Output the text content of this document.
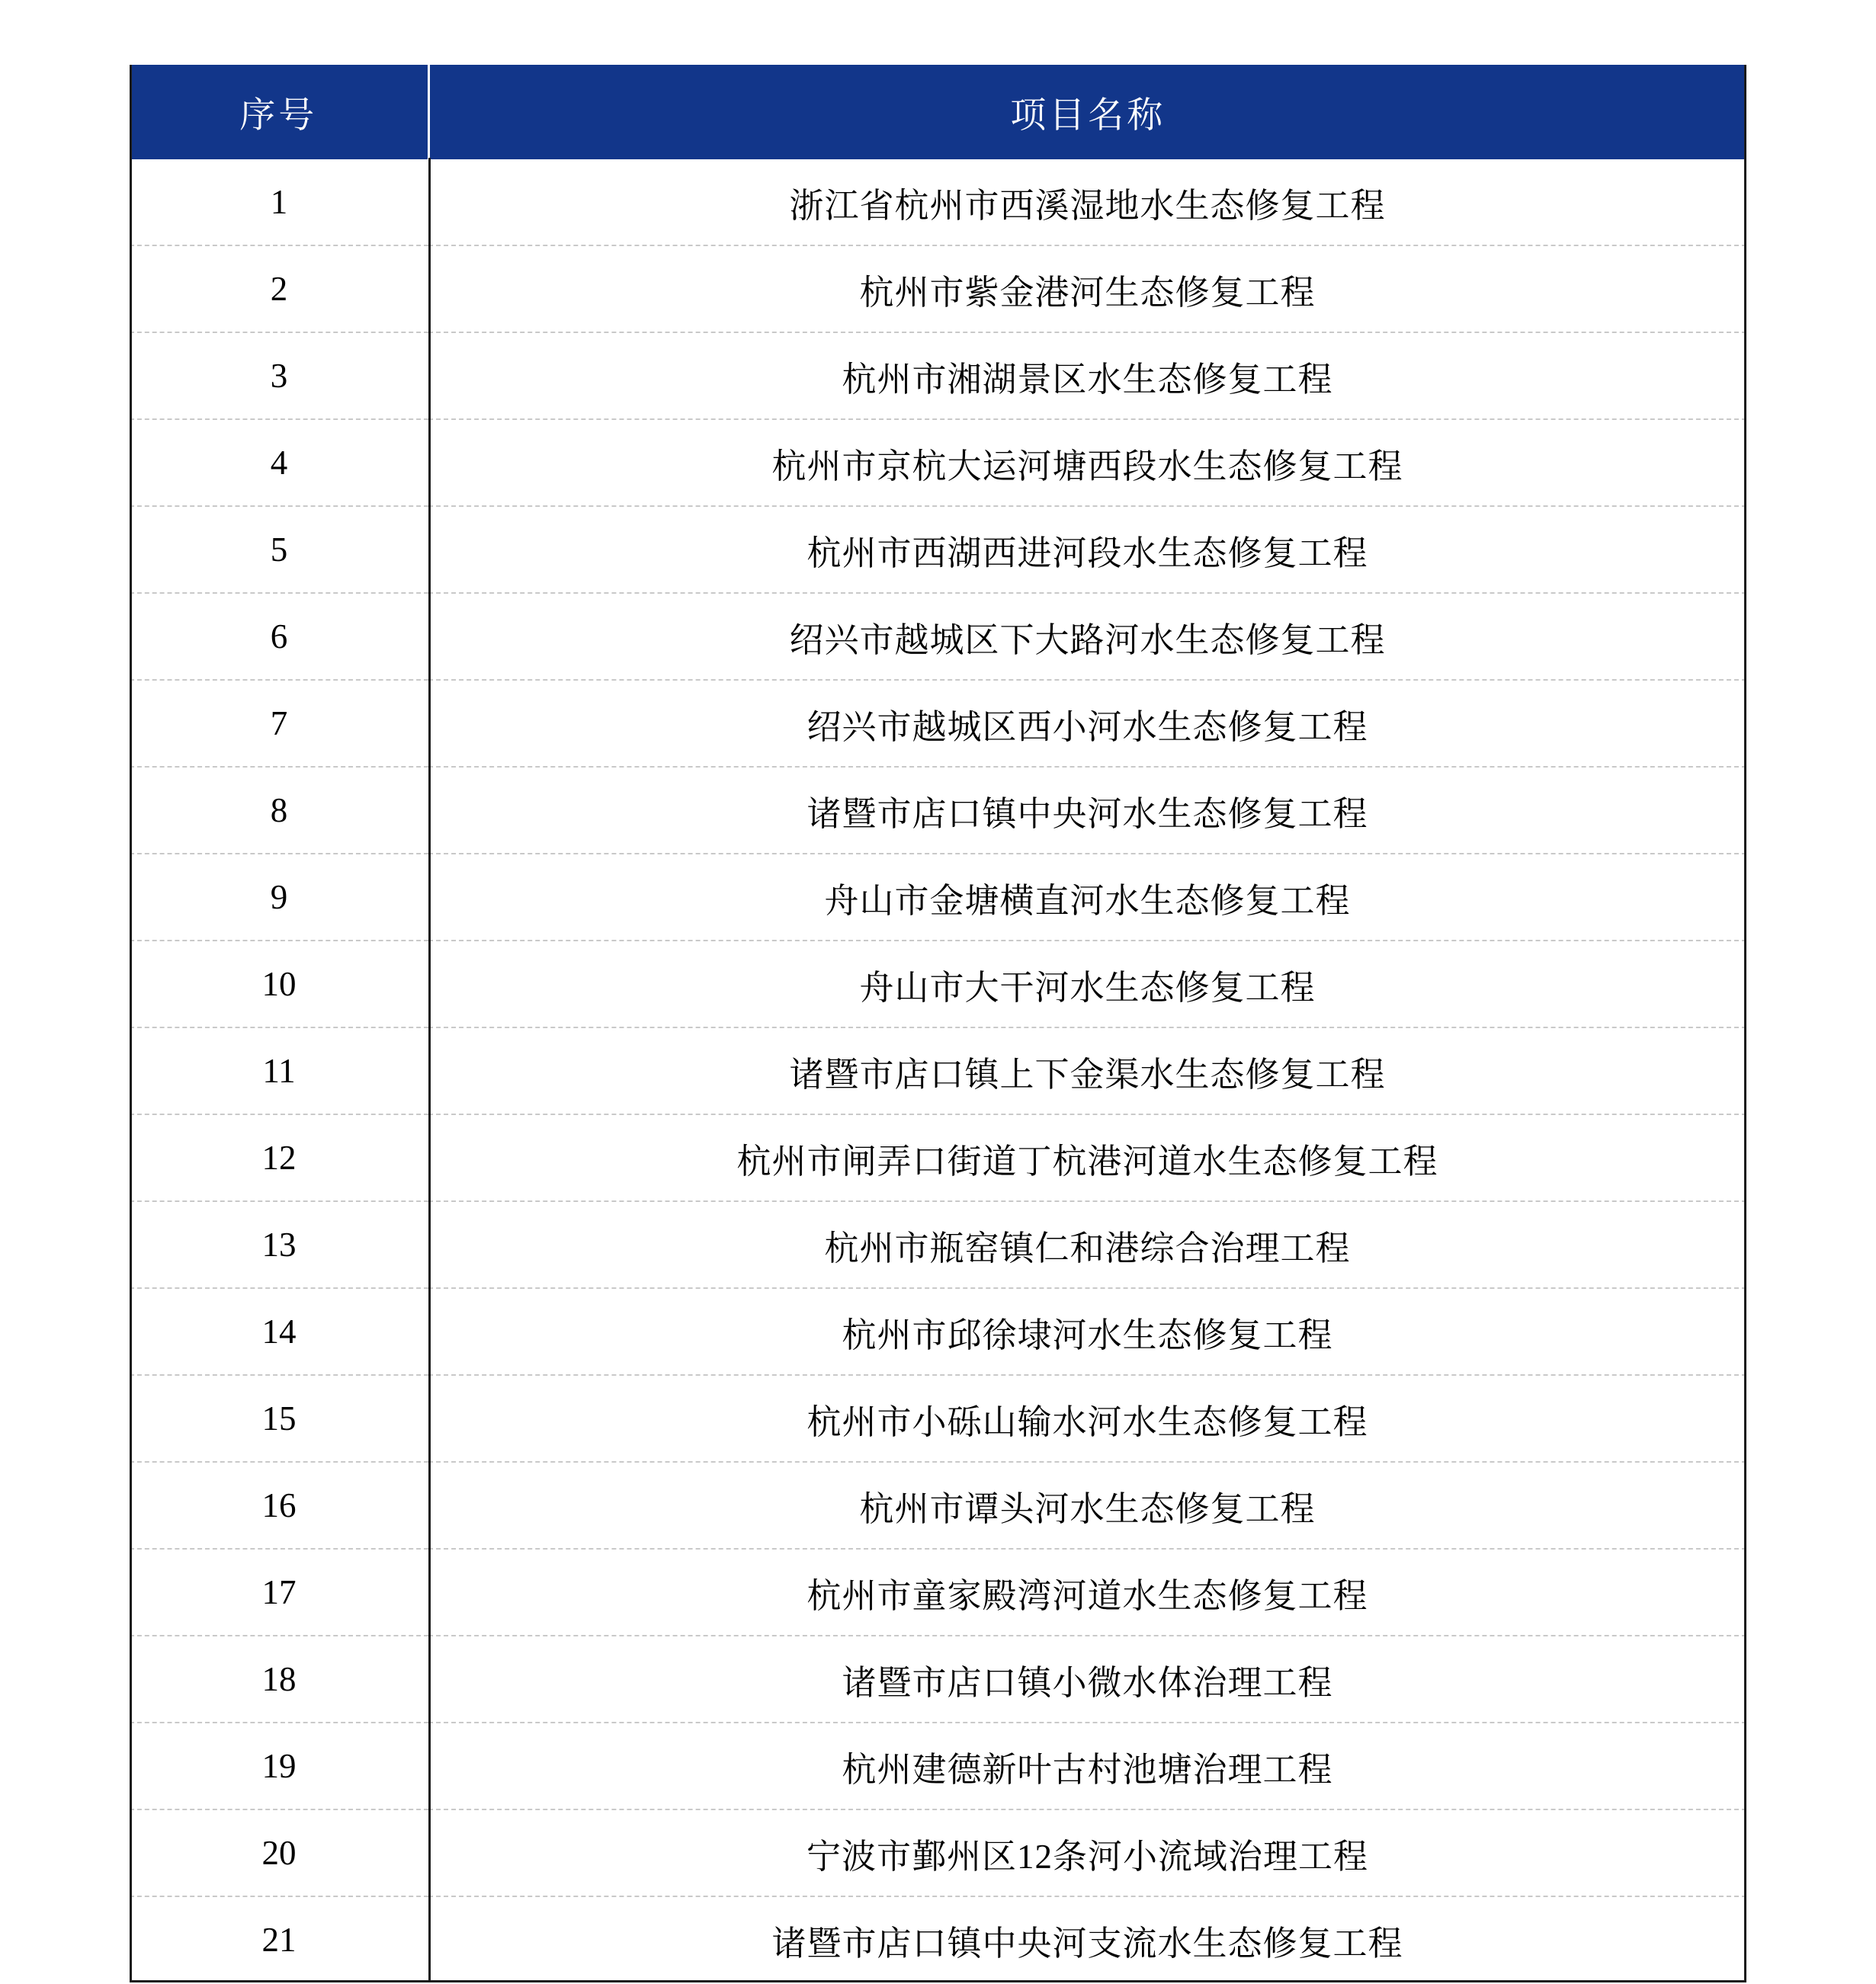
序号	项目名称
1	浙江省杭州市西溪湿地水生态修复工程
2	杭州市紫金港河生态修复工程
3	杭州市湘湖景区水生态修复工程
4	杭州市京杭大运河塘西段水生态修复工程
5	杭州市西湖西进河段水生态修复工程
6	绍兴市越城区下大路河水生态修复工程
7	绍兴市越城区西小河水生态修复工程
8	诸暨市店口镇中央河水生态修复工程
9	舟山市金塘横直河水生态修复工程
10	舟山市大干河水生态修复工程
11	诸暨市店口镇上下金渠水生态修复工程
12	杭州市闸弄口街道丁杭港河道水生态修复工程
13	杭州市瓶窑镇仁和港综合治理工程
14	杭州市邱徐埭河水生态修复工程
15	杭州市小砾山输水河水生态修复工程
16	杭州市谭头河水生态修复工程
17	杭州市童家殿湾河道水生态修复工程
18	诸暨市店口镇小微水体治理工程
19	杭州建德新叶古村池塘治理工程
20	宁波市鄞州区12条河小流域治理工程
21	诸暨市店口镇中央河支流水生态修复工程
